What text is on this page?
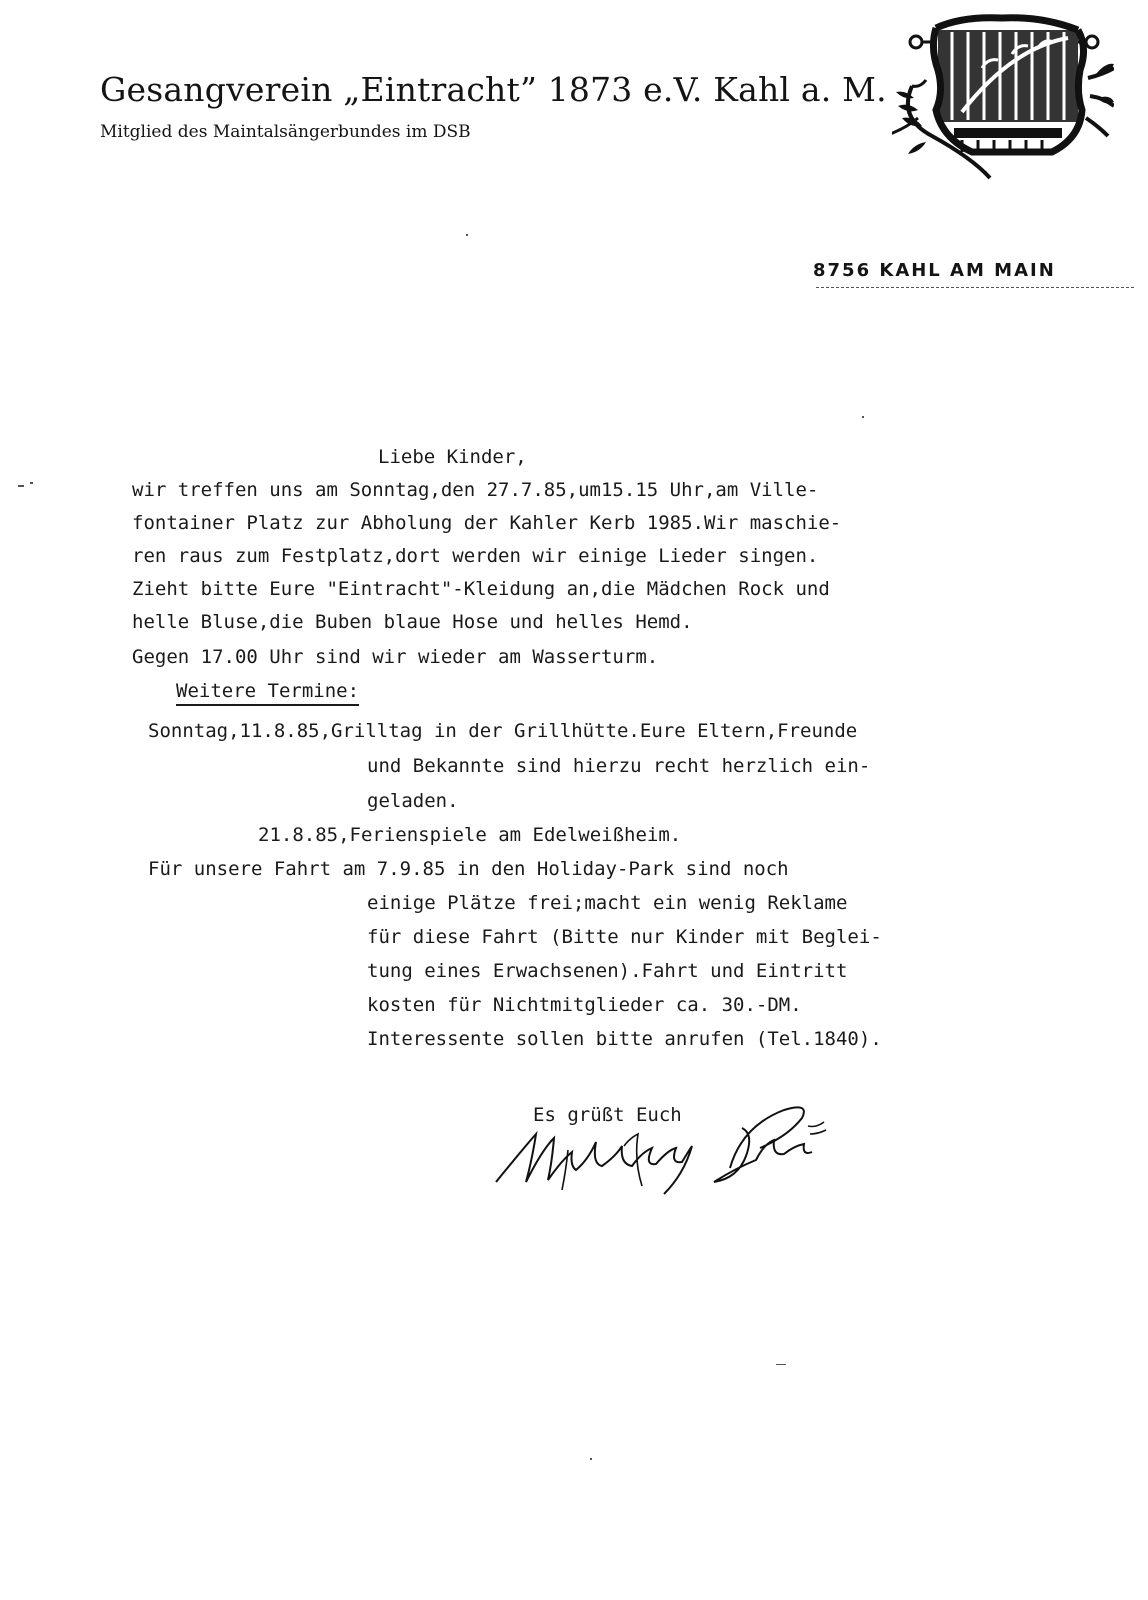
Gesangverein „Eintracht” 1873 e.V. Kahl a. M.
Mitglied des Maintalsängerbundes im DSB
8756 KAHL AM MAIN
Liebe Kinder,
wir treffen uns am Sonntag,den 27.7.85,um15.15 Uhr,am Ville-
fontainer Platz zur Abholung der Kahler Kerb 1985.Wir maschie-
ren raus zum Festplatz,dort werden wir einige Lieder singen.
Zieht bitte Eure "Eintracht"-Kleidung an,die Mädchen Rock und
helle Bluse,die Buben blaue Hose und helles Hemd.
Gegen 17.00 Uhr sind wir wieder am Wasserturm.
Weitere Termine:
Sonntag,11.8.85,Grilltag in der Grillhütte.Eure Eltern,Freunde
und Bekannte sind hierzu recht herzlich ein-
geladen.
21.8.85,Ferienspiele am Edelweißheim.
Für unsere Fahrt am 7.9.85 in den Holiday-Park sind noch
einige Plätze frei;macht ein wenig Reklame
für diese Fahrt (Bitte nur Kinder mit Beglei-
tung eines Erwachsenen).Fahrt und Eintritt
kosten für Nichtmitglieder ca. 30.-DM.
Interessente sollen bitte anrufen (Tel.1840).
Es grüßt Euch
